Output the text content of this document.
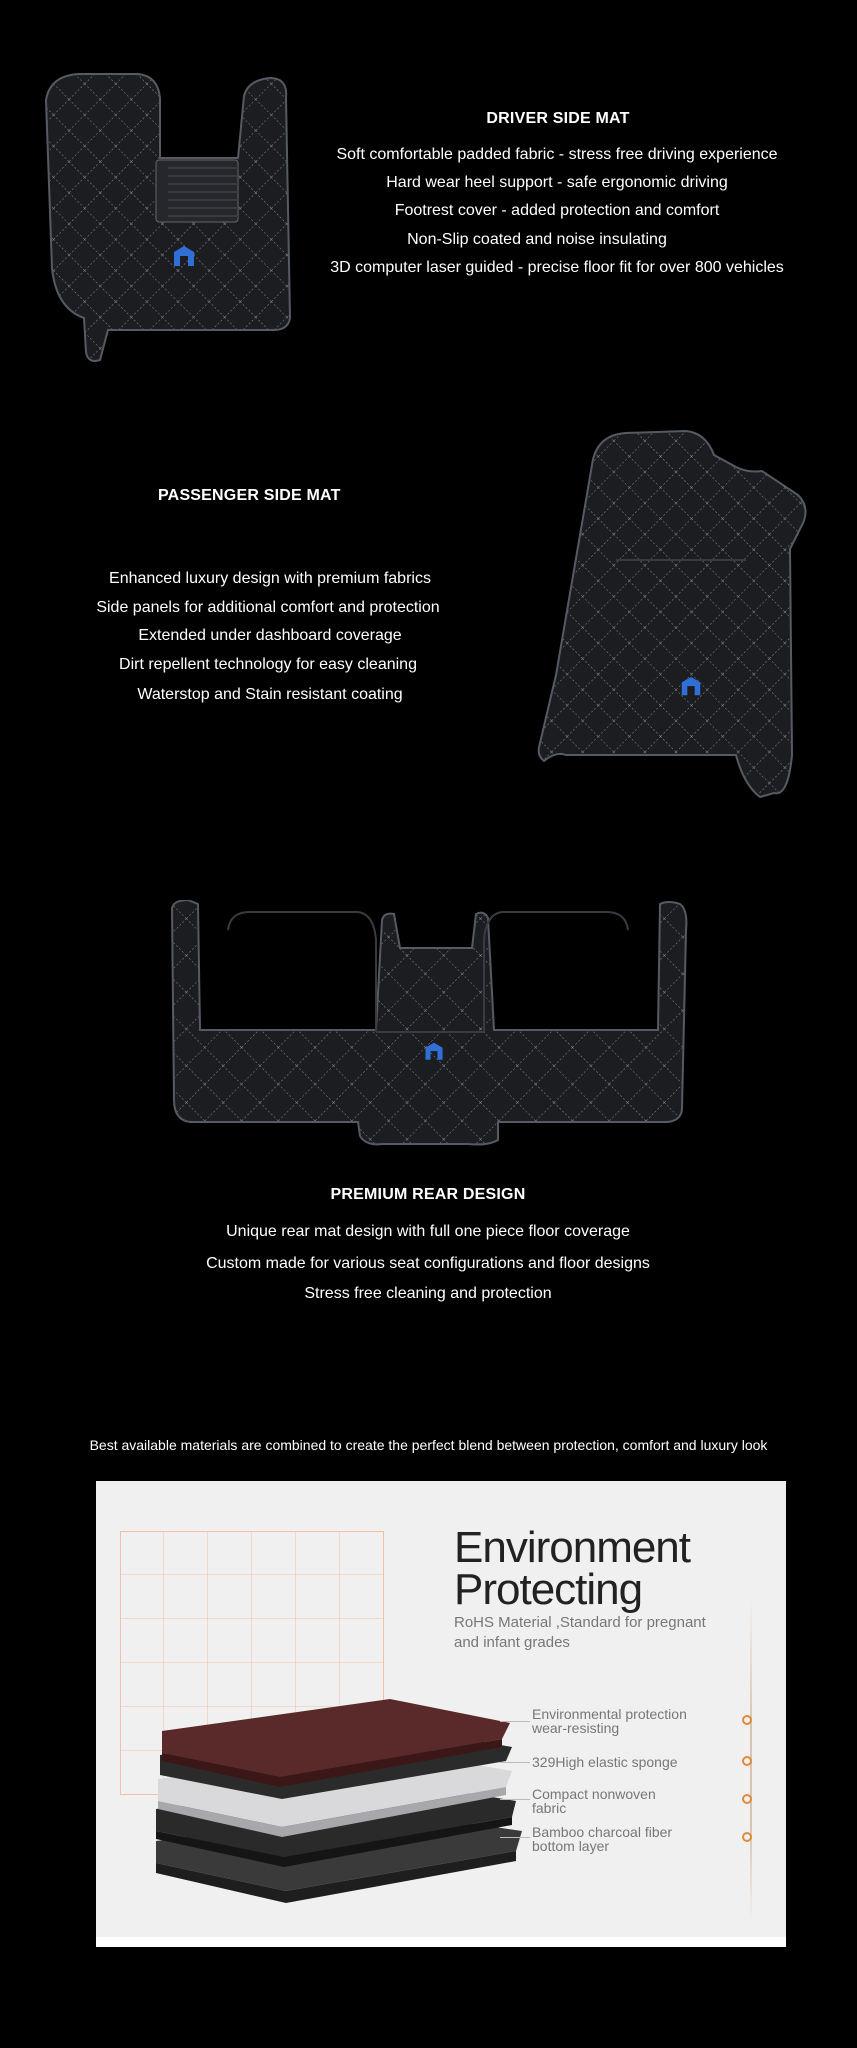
DRIVER SIDE MAT
Soft comfortable padded fabric - stress free driving experience
Hard wear heel support - safe ergonomic driving
Footrest cover - added protection and comfort
Non-Slip coated and noise insulating
3D computer laser guided - precise floor fit for over 800 vehicles
PASSENGER SIDE MAT
Enhanced luxury design with premium fabrics
Side panels for additional comfort and protection
Extended under dashboard coverage
Dirt repellent technology for easy cleaning
Waterstop and Stain resistant coating
PREMIUM REAR DESIGN
Unique rear mat design with full one piece floor coverage
Custom made for various seat configurations and floor designs
Stress free cleaning and protection
Best available materials are combined to create the perfect blend between protection, comfort and luxury look
Environment
Protecting
RoHS Material ,Standard for pregnant
and infant grades
Environmental protection
wear-resisting
329High elastic sponge
Compact nonwoven
fabric
Bamboo charcoal fiber
bottom layer
